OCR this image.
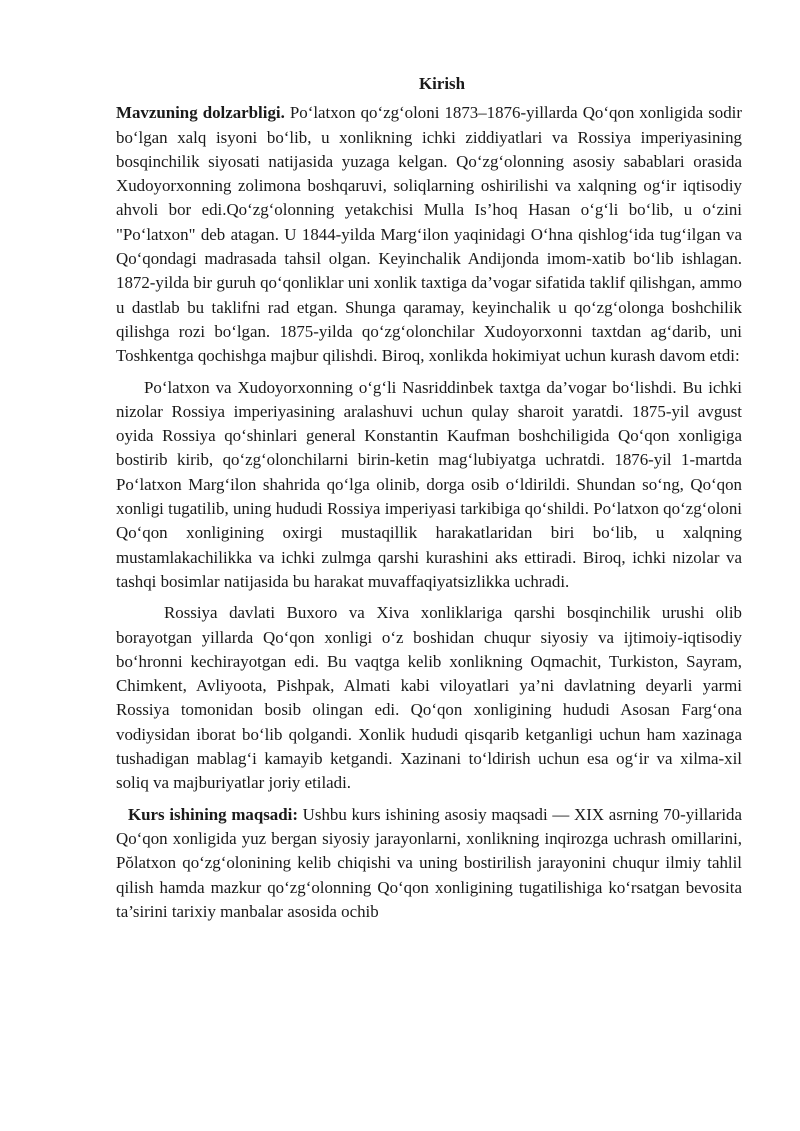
Kirish

Mavzuning dolzarbligi. Po‘latxon qo‘zg‘oloni 1873–1876-yillarda Qo‘qon xonligida sodir bo‘lgan xalq isyoni bo‘lib, u xonlikning ichki ziddiyatlari va Rossiya imperiyasining bosqinchilik siyosati natijasida yuzaga kelgan. Qo‘zg‘olonning asosiy sabablari orasida Xudoyorxonning zolimona boshqaruvi, soliqlarning oshirilishi va xalqning og‘ir iqtisodiy ahvoli bor edi.Qo‘zg‘olonning yetakchisi Mulla Is’hoq Hasan o‘g‘li bo‘lib, u o‘zini "Po‘latxon" deb atagan. U 1844-yilda Marg‘ilon yaqinidagi O‘hna qishlog‘ida tug‘ilgan va Qo‘qondagi madrasada tahsil olgan. Keyinchalik Andijonda imom-xatib bo‘lib ishlagan. 1872-yilda bir guruh qo‘qonliklar uni xonlik taxtiga da’vogar sifatida taklif qilishgan, ammo u dastlab bu taklifni rad etgan. Shunga qaramay, keyinchalik u qo‘zg‘olonga boshchilik qilishga rozi bo‘lgan. 1875-yilda qo‘zg‘olonchilar Xudoyorxonni taxtdan ag‘darib, uni Toshkentga qochishga majbur qilishdi. Biroq, xonlikda hokimiyat uchun kurash davom etdi:

Po‘latxon va Xudoyorxonning o‘g‘li Nasriddinbek taxtga da’vogar bo‘lishdi. Bu ichki nizolar Rossiya imperiyasining aralashuvi uchun qulay sharoit yaratdi. 1875-yil avgust oyida Rossiya qo‘shinlari general Konstantin Kaufman boshchiligida Qo‘qon xonligiga bostirib kirib, qo‘zg‘olonchilarni birin-ketin mag‘lubiyatga uchratdi. 1876-yil 1-martda Po‘latxon Marg‘ilon shahrida qo‘lga olinib, dorga osib o‘ldirildi. Shundan so‘ng, Qo‘qon xonligi tugatilib, uning hududi Rossiya imperiyasi tarkibiga qo‘shildi. Po‘latxon qo‘zg‘oloni Qo‘qon xonligining oxirgi mustaqillik harakatlaridan biri bo‘lib, u xalqning mustamlakachilikka va ichki zulmga qarshi kurashini aks ettiradi. Biroq, ichki nizolar va tashqi bosimlar natijasida bu harakat muvaffaqiyatsizlikka uchradi.

Rossiya davlati Buxoro va Xiva xonliklariga qarshi bosqinchilik urushi olib borayotgan yillarda Qo‘qon xonligi o‘z boshidan chuqur siyosiy va ijtimoiy-iqtisodiy bo‘hronni kechirayotgan edi. Bu vaqtga kelib xonlikning Oqmachit, Turkiston, Sayram, Chimkent, Avliyoota, Pishpak, Almati kabi viloyatlari ya’ni davlatning deyarli yarmi Rossiya tomonidan bosib olingan edi. Qo‘qon xonligining hududi Asosan Farg‘ona vodiysidan iborat bo‘lib qolgandi. Xonlik hududi qisqarib ketganligi uchun ham xazinaga tushadigan mablag‘i kamayib ketgandi. Xazinani to‘ldirish uchun esa og‘ir va xilma-xil soliq va majburiyatlar joriy etiladi.

Kurs ishining maqsadi: Ushbu kurs ishining asosiy maqsadi — XIX asrning 70-yillarida Qo‘qon xonligida yuz bergan siyosiy jarayonlarni, xonlikning inqirozga uchrash omillarini, Pŏlatxon qo‘zg‘olonining kelib chiqishi va uning bostirilish jarayonini chuqur ilmiy tahlil qilish hamda mazkur qo‘zg‘olonning Qo‘qon xonligining tugatilishiga ko‘rsatgan bevosita ta’sirini tarixiy manbalar asosida ochib
